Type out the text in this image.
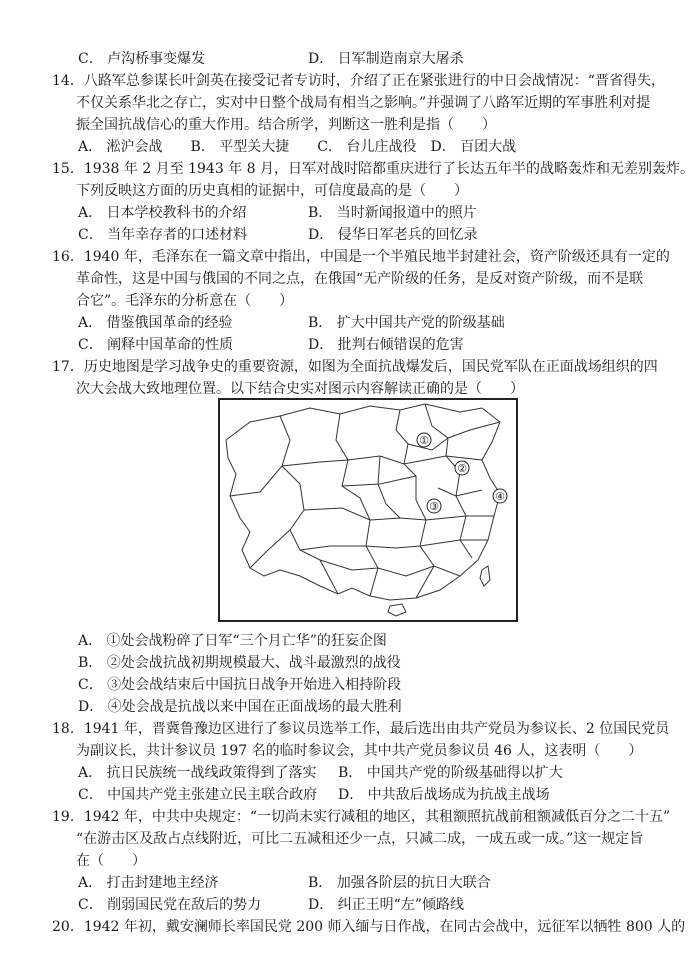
C． 卢沟桥事变爆发	D． 日军制造南京大屠杀
14．八路军总参谋长叶剑英在接受记者专访时，介绍了正在紧张进行的中日会战情况：“晋省得失，
不仅关系华北之存亡，实对中日整个战局有相当之影响。”并强调了八路军近期的军事胜利对提
振全国抗战信心的重大作用。结合所学，判断这一胜利是指（　　）
A． 淞沪会战　　B． 平型关大捷　　C． 台儿庄战役　D． 百团大战
15．1938 年 2 月至 1943 年 8 月，日军对战时陪都重庆进行了长达五年半的战略轰炸和无差别轰炸。
下列反映这方面的历史真相的证据中，可信度最高的是（　　）
A． 日本学校教科书的介绍	B． 当时新闻报道中的照片
C． 当年幸存者的口述材料	D． 侵华日军老兵的回忆录
16．1940 年，毛泽东在一篇文章中指出，中国是一个半殖民地半封建社会，资产阶级还具有一定的
革命性，这是中国与俄国的不同之点，在俄国“无产阶级的任务，是反对资产阶级，而不是联
合它”。毛泽东的分析意在（　　）
A． 借鉴俄国革命的经验	B． 扩大中国共产党的阶级基础
C． 阐释中国革命的性质	D． 批判右倾错误的危害
17．历史地图是学习战争史的重要资源，如图为全面抗战爆发后，国民党军队在正面战场组织的四
次大会战大致地理位置。以下结合史实对图示内容解读正确的是（　　）
①
②
③
④
A． ①处会战粉碎了日军“三个月亡华”的狂妄企图
B． ②处会战抗战初期规模最大、战斗最激烈的战役
C． ③处会战结束后中国抗日战争开始进入相持阶段
D． ④处会战是抗战以来中国在正面战场的最大胜利
18．1941 年，晋冀鲁豫边区进行了参议员选举工作，最后选出由共产党员为参议长、2 位国民党员
为副议长，共计参议员 197 名的临时参议会，其中共产党员参议员 46 人，这表明（　　）
A． 抗日民族统一战线政策得到了落实 B． 中国共产党的阶级基础得以扩大
C． 中国共产党主张建立民主联合政府 D． 中共敌后战场成为抗战主战场
19．1942 年，中共中央规定：“一切尚未实行减租的地区，其租额照抗战前租额减低百分之二十五”
“在游击区及敌占点线附近，可比二五减租还少一点，只减二成，一成五或一成。”这一规定旨
在（　　）
A． 打击封建地主经济	B． 加强各阶层的抗日大联合
C． 削弱国民党在敌后的势力	D． 纠正王明“左”倾路线
20．1942 年初，戴安澜师长率国民党 200 师入缅与日作战，在同古会战中，远征军以牺牲 800 人的
